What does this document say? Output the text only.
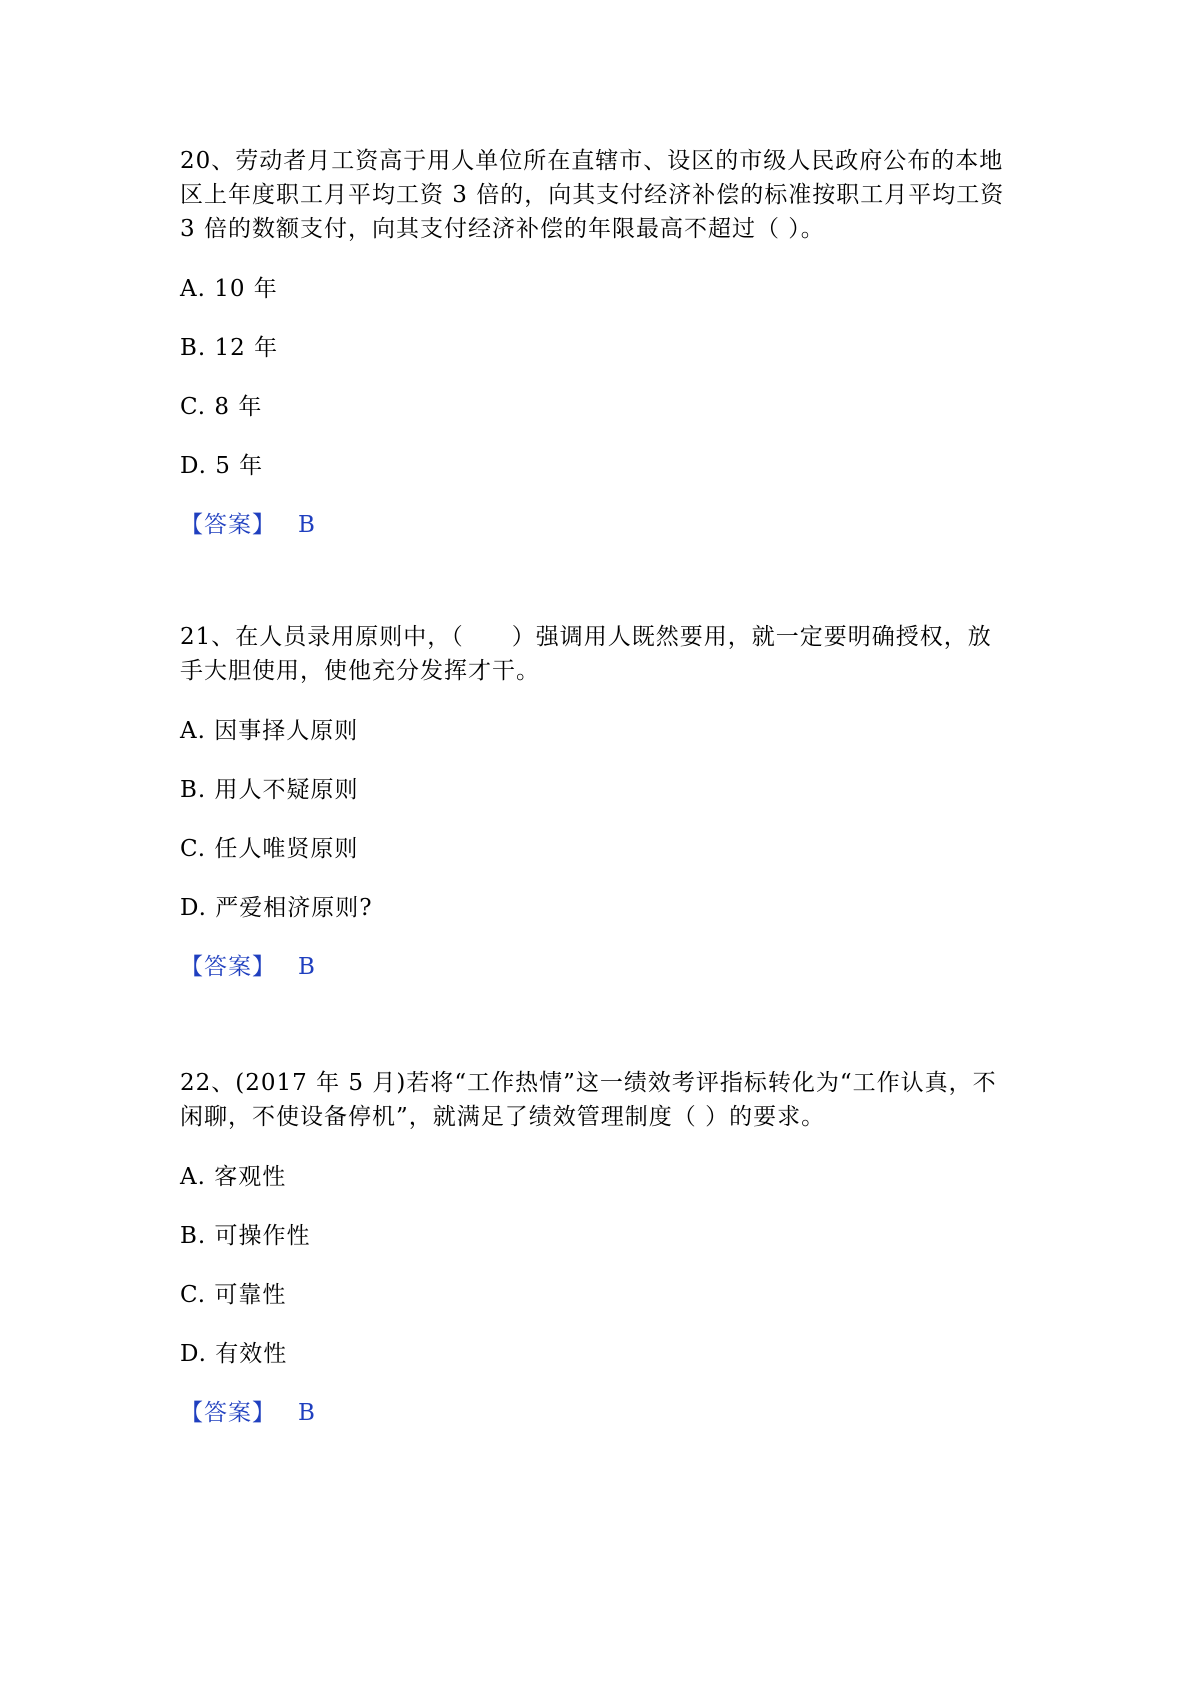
20、劳动者月工资高于用人单位所在直辖市、设区的市级人民政府公布的本地区上年度职工月平均工资 3 倍的，向其支付经济补偿的标准按职工月平均工资 3 倍的数额支付，向其支付经济补偿的年限最高不超过（ ）。

A. 10 年
B. 12 年
C. 8 年
D. 5 年
【答案】 B

21、在人员录用原则中，（　　）强调用人既然要用，就一定要明确授权，放手大胆使用，使他充分发挥才干。

A. 因事择人原则
B. 用人不疑原则
C. 任人唯贤原则
D. 严爱相济原则?
【答案】 B

22、(2017 年 5 月)若将“工作热情”这一绩效考评指标转化为“工作认真，不闲聊，不使设备停机”，就满足了绩效管理制度（ ）的要求。

A. 客观性
B. 可操作性
C. 可靠性
D. 有效性
【答案】 B
